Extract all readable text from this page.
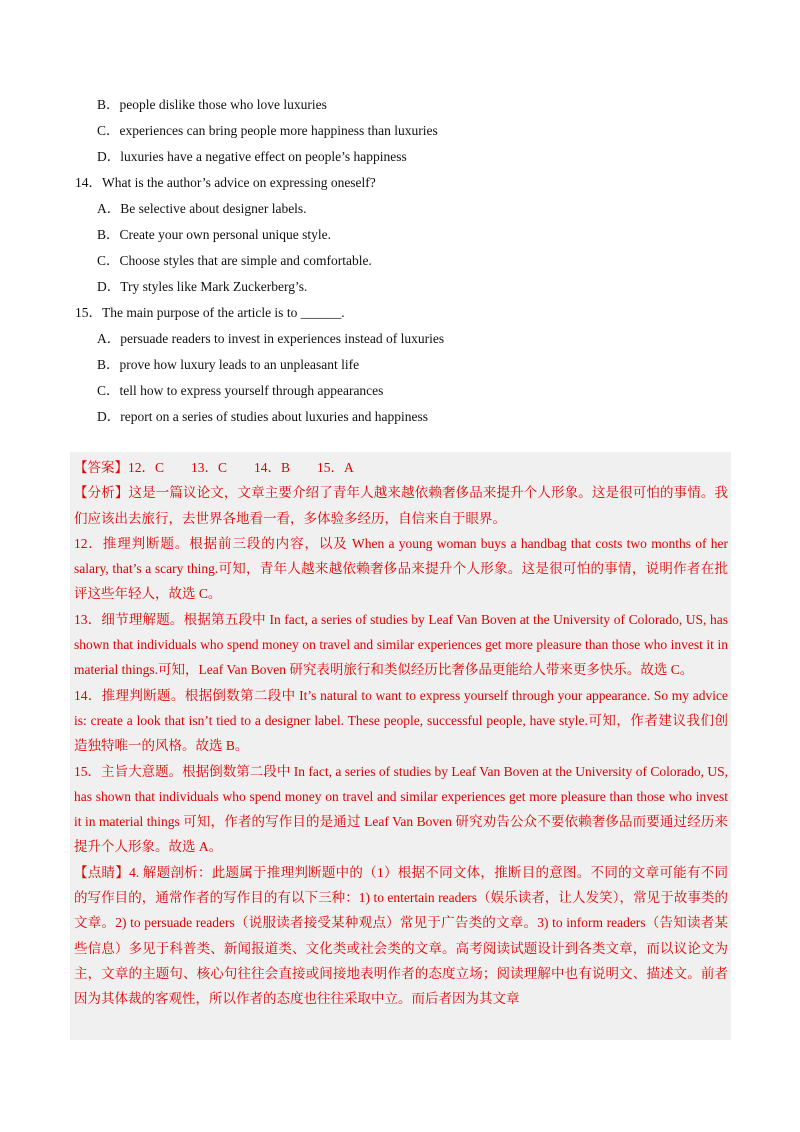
B．people dislike those who love luxuries
C．experiences can bring people more happiness than luxuries
D．luxuries have a negative effect on people’s happiness
14．What is the author’s advice on expressing oneself?
A．Be selective about designer labels.
B．Create your own personal unique style.
C．Choose styles that are simple and comfortable.
D．Try styles like Mark Zuckerberg’s.
15．The main purpose of the article is to ______.
A．persuade readers to invest in experiences instead of luxuries
B．prove how luxury leads to an unpleasant life
C．tell how to express yourself through appearances
D．report on a series of studies about luxuries and happiness

【答案】12．C　　13．C　　14．B　　15．A

【分析】这是一篇议论文，文章主要介绍了青年人越来越依赖奢侈品来提升个人形象。这是很可怕的事情。我们应该出去旅行，去世界各地看一看，多体验多经历，自信来自于眼界。

12．推理判断题。根据前三段的内容，以及 When a young woman buys a handbag that costs two months of her salary, that’s a scary thing.可知，青年人越来越依赖奢侈品来提升个人形象。这是很可怕的事情，说明作者在批评这些年轻人，故选 C。

13．细节理解题。根据第五段中 In fact, a series of studies by Leaf Van Boven at the University of Colorado, US, has shown that individuals who spend money on travel and similar experiences get more pleasure than those who invest it in material things.可知，Leaf Van Boven 研究表明旅行和类似经历比奢侈品更能给人带来更多快乐。故选 C。

14．推理判断题。根据倒数第二段中 It’s natural to want to express yourself through your appearance. So my advice is: create a look that isn’t tied to a designer label. These people, successful people, have style.可知，作者建议我们创造独特唯一的风格。故选 B。

15．主旨大意题。根据倒数第二段中 In fact, a series of studies by Leaf Van Boven at the University of Colorado, US, has shown that individuals who spend money on travel and similar experiences get more pleasure than those who invest it in material things 可知，作者的写作目的是通过 Leaf Van Boven 研究劝告公众不要依赖奢侈品而要通过经历来提升个人形象。故选 A。

【点睛】4. 解题剖析：此题属于推理判断题中的（1）根据不同文体，推断目的意图。不同的文章可能有不同的写作目的，通常作者的写作目的有以下三种：1) to entertain readers（娱乐读者，让人发笑），常见于故事类的文章。2) to persuade readers（说服读者接受某种观点）常见于广告类的文章。3) to inform readers（告知读者某些信息）多见于科普类、新闻报道类、文化类或社会类的文章。高考阅读试题设计到各类文章，而以议论文为主，文章的主题句、核心句往往会直接或间接地表明作者的态度立场；阅读理解中也有说明文、描述文。前者因为其体裁的客观性，所以作者的态度也往往采取中立。而后者因为其文章
